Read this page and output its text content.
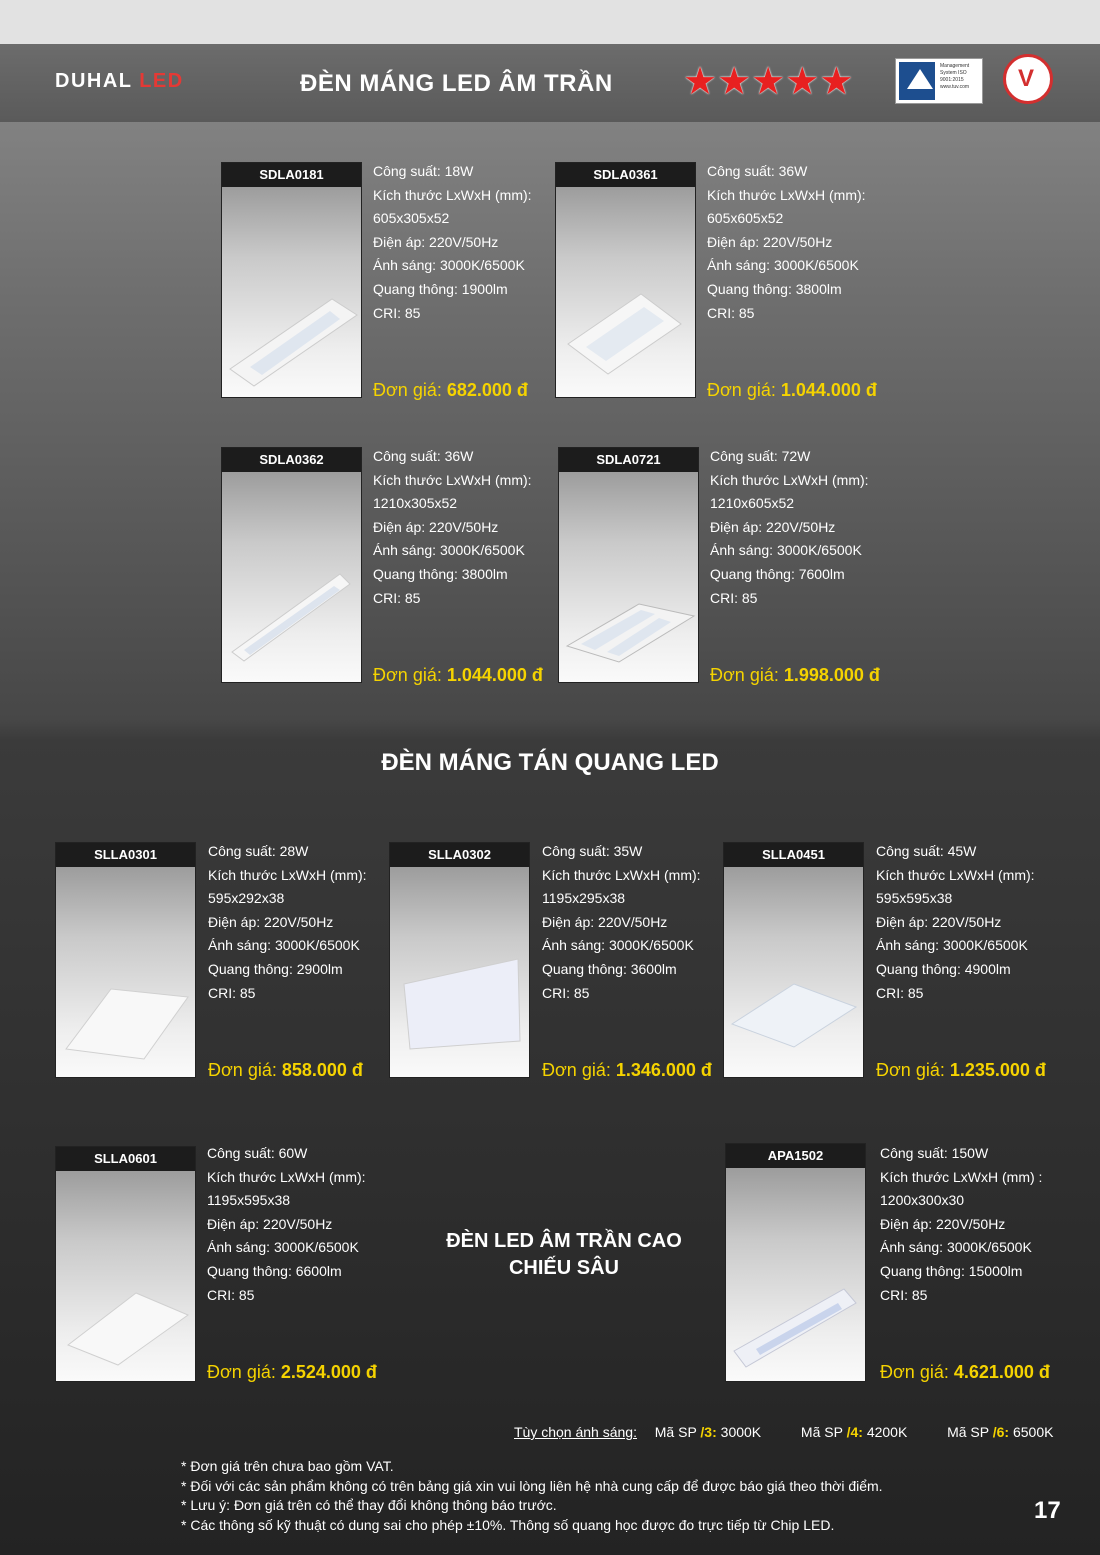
DUHAL LED	ĐÈN MÁNG LED ÂM TRẦN ★ ★ ★ ★ ★	Management System ISO 9001:2015 www.tuv.com	V
SDLA0181	Công suất: 18W
Kích thước LxWxH (mm):
605x305x52
Điện áp: 220V/50Hz
Ánh sáng: 3000K/6500K
Quang thông: 1900lm
CRI: 85
Đơn giá: 682.000 đ
SDLA0361	Công suất: 36W
Kích thước LxWxH (mm):
605x605x52
Điện áp: 220V/50Hz
Ánh sáng: 3000K/6500K
Quang thông: 3800lm
CRI: 85
Đơn giá: 1.044.000 đ
SDLA0362	Công suất: 36W
Kích thước LxWxH (mm):
1210x305x52
Điện áp: 220V/50Hz
Ánh sáng: 3000K/6500K
Quang thông: 3800lm
CRI: 85
Đơn giá: 1.044.000 đ
SDLA0721	Công suất: 72W
Kích thước LxWxH (mm):
1210x605x52
Điện áp: 220V/50Hz
Ánh sáng: 3000K/6500K
Quang thông: 7600lm
CRI: 85
Đơn giá: 1.998.000 đ
SLLA0301	Công suất: 28W
Kích thước LxWxH (mm):
595x292x38
Điện áp: 220V/50Hz
Ánh sáng: 3000K/6500K
Quang thông: 2900lm
CRI: 85
Đơn giá: 858.000 đ
SLLA0302	Công suất: 35W
Kích thước LxWxH (mm):
1195x295x38
Điện áp: 220V/50Hz
Ánh sáng: 3000K/6500K
Quang thông: 3600lm
CRI: 85
Đơn giá: 1.346.000 đ
SLLA0451	Công suất: 45W
Kích thước LxWxH (mm):
595x595x38
Điện áp: 220V/50Hz
Ánh sáng: 3000K/6500K
Quang thông: 4900lm
CRI: 85
Đơn giá: 1.235.000 đ
SLLA0601	Công suất: 60W
Kích thước LxWxH (mm):
1195x595x38
Điện áp: 220V/50Hz
Ánh sáng: 3000K/6500K
Quang thông: 6600lm
CRI: 85
Đơn giá: 2.524.000 đ
APA1502	Công suất: 150W
Kích thước LxWxH (mm) :
1200x300x30
Điện áp: 220V/50Hz
Ánh sáng: 3000K/6500K
Quang thông: 15000lm
CRI: 85
Đơn giá: 4.621.000 đ
ĐÈN MÁNG TÁN QUANG LED
ĐÈN LED ÂM TRẦN CAO
CHIẾU SÂU
Tùy chọn ánh sáng: Mã SP /3: 3000K	Mã SP /4: 4200K	Mã SP /6: 6500K
* Đơn giá trên chưa bao gồm VAT.
* Đối với các sản phẩm không có trên bảng giá xin vui lòng liên hệ nhà cung cấp để được báo giá theo thời điểm.
* Lưu ý: Đơn giá trên có thể thay đổi không thông báo trước.
* Các thông số kỹ thuật có dung sai cho phép ±10%. Thông số quang học được đo trực tiếp từ Chip LED.
17
